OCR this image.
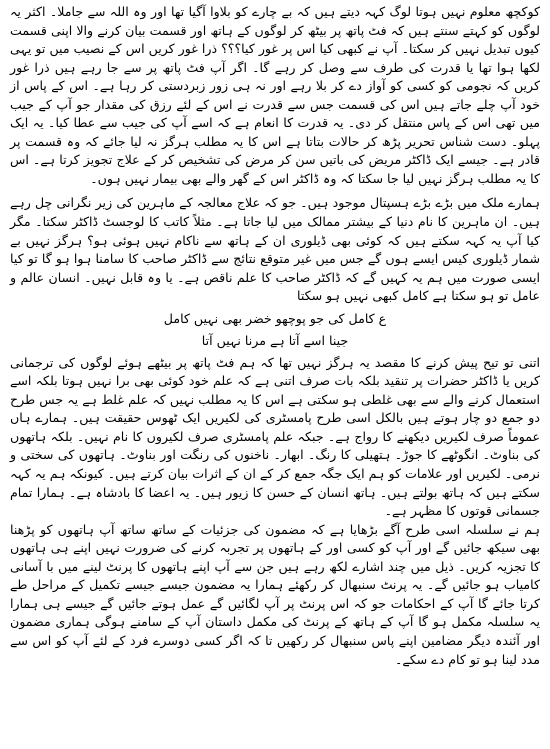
کوکچھ معلوم نہیں ہوتا لوگ کہہ دیتے ہیں کہ بے چارے کو بلاوا آگیا تھا اور وہ اللہ سے جاملا۔ اکثر یہ لوگوں کو کہتے سنتے ہیں کہ فٹ پاتھ پر بیٹھ کر لوگوں کے ہاتھ اور قسمت بیان کرنے والا اپنی قسمت کیوں تبدیل نہیں کر سکتا۔ آپ نے کبھی کیا اس پر غور کیا؟؟؟ ذرا غور کریں اس کے نصیب میں تو یہی لکھا ہوا تھا یا قدرت کی طرف سے وصل کر رہے گا۔ اگر آپ فٹ پاتھ پر سے جا رہے ہیں ذرا غور کریں کہ نجومی کو کسی کو آواز دے کر بلا رہے اور نہ ہی زور زبردستی کر رہا ہے۔ اس کے پاس از خود آپ چلے جاتے ہیں اس کی قسمت جس سے قدرت نے اس کے لئے رزق کی مقدار جو آپ کے جیب میں تھی اس کے پاس منتقل کر دی۔ یہ قدرت کا انعام ہے کہ اسے آپ کی جیب سے عطا کیا۔ یہ ایک پہلو۔ دست شناس تحریر پڑھ کر حالات بتاتا ہے اس کا یہ مطلب ہرگز نہ لیا جائے کہ وہ قسمت پر قادر ہے۔ جیسے ایک ڈاکٹر مریض کی باتیں سن کر مرض کی تشخیص کر کے علاج تجویز کرتا ہے۔ اس کا یہ مطلب ہرگز نہیں لیا جا سکتا کہ وہ ڈاکٹر اس کے گھر والے بھی بیمار نہیں ہوں۔

ہمارے ملک میں بڑے بڑے ہسپتال موجود ہیں۔ جو کہ علاج معالجہ کے ماہرین کی زیر نگرانی چل رہے ہیں۔ ان ماہرین کا نام دنیا کے بیشتر ممالک میں لیا جاتا ہے۔ مثلاً کاتب کا لوجسٹ ڈاکٹر سکتا۔ مگر کیا آپ یہ کہہ سکتے ہیں کہ کوئی بھی ڈیلوری ان کے ہاتھ سے ناکام نہیں ہوئی ہو؟ ہرگز نہیں بے شمار ڈیلوری کیس ایسے ہوں گے جس میں غیر متوقع نتائج سے ڈاکٹر صاحب کا سامنا ہوا ہو گا تو کیا ایسی صورت میں ہم یہ کہیں گے کہ ڈاکٹر صاحب کا علم ناقص ہے۔ یا وہ قابل نہیں۔ انسان عالم و عامل تو ہو سکتا ہے کامل کبھی نہیں ہو سکتا

ع کامل کی جو پوچھو خضر بھی نہیں کامل

جینا اسے آتا ہے مرنا نہیں آتا

اتنی تو تیح پیش کرنے کا مقصد یہ ہرگز نہیں تھا کہ ہم فٹ پاتھ پر بیٹھے ہوئے لوگوں کی ترجمانی کریں یا ڈاکٹر حضرات پر تنقید بلکہ بات صرف اتنی ہے کہ علم خود کوئی بھی برا نہیں ہوتا بلکہ اسے استعمال کرنے والے سے بھی غلطی ہو سکتی ہے اس کا یہ مطلب نہیں کہ علم غلط ہے یہ جس طرح دو جمع دو چار ہوتے ہیں بالکل اسی طرح پامسٹری کی لکیریں ایک ٹھوس حقیقت ہیں۔ ہمارے ہاں عموماً صرف لکیریں دیکھنے کا رواج ہے۔ جبکہ علم پامسٹری صرف لکیروں کا نام نہیں۔ بلکہ ہاتھوں کی بناوٹ۔ انگوٹھے کا جوڑ۔ ہتھیلی کا رنگ۔ ابھار۔ ناخنوں کی رنگت اور بناوٹ۔ ہاتھوں کی سختی و نرمی۔ لکیریں اور علامات کو ہم ایک جگہ جمع کر کے ان کے اثرات بیان کرتے ہیں۔ کیونکہ ہم یہ کہہ سکتے ہیں کہ ہاتھ بولتے ہیں۔ ہاتھ انسان کے حسن کا زیور ہیں۔ یہ اعضا کا بادشاہ ہے۔ ہمارا تمام جسمانی قوتوں کا مظہر ہے۔

ہم نے سلسلہ اسی طرح آگے بڑھایا ہے کہ مضمون کی جزئیات کے ساتھ ساتھ آپ ہاتھوں کو پڑھنا بھی سیکھ جائیں گے اور آپ کو کسی اور کے ہاتھوں پر تجربہ کرنے کی ضرورت نہیں اپنے ہی ہاتھوں کا تجزیہ کریں۔ ذیل میں چند اشارے لکھ رہے ہیں جن سے آپ اپنے ہاتھوں کا پرنٹ لینے میں با آسانی کامیاب ہو جائیں گے۔ یہ پرنٹ سنبھال کر رکھئے ہمارا یہ مضمون جیسے جیسے تکمیل کے مراحل طے کرتا جائے گا آپ کے احکامات جو کہ اس پرنٹ پر آپ لگائیں گے عمل ہوتے جائیں گے جیسے ہی ہمارا یہ سلسلہ مکمل ہو گا آپ کے ہاتھ کے پرنٹ کی مکمل داستان آپ کے سامنے ہوگی ہماری مضمون اور آئندہ دیگر مضامین اپنے پاس سنبھال کر رکھیں تا کہ اگر کسی دوسرے فرد کے لئے آپ کو اس سے مدد لینا ہو تو کام دے سکے۔
